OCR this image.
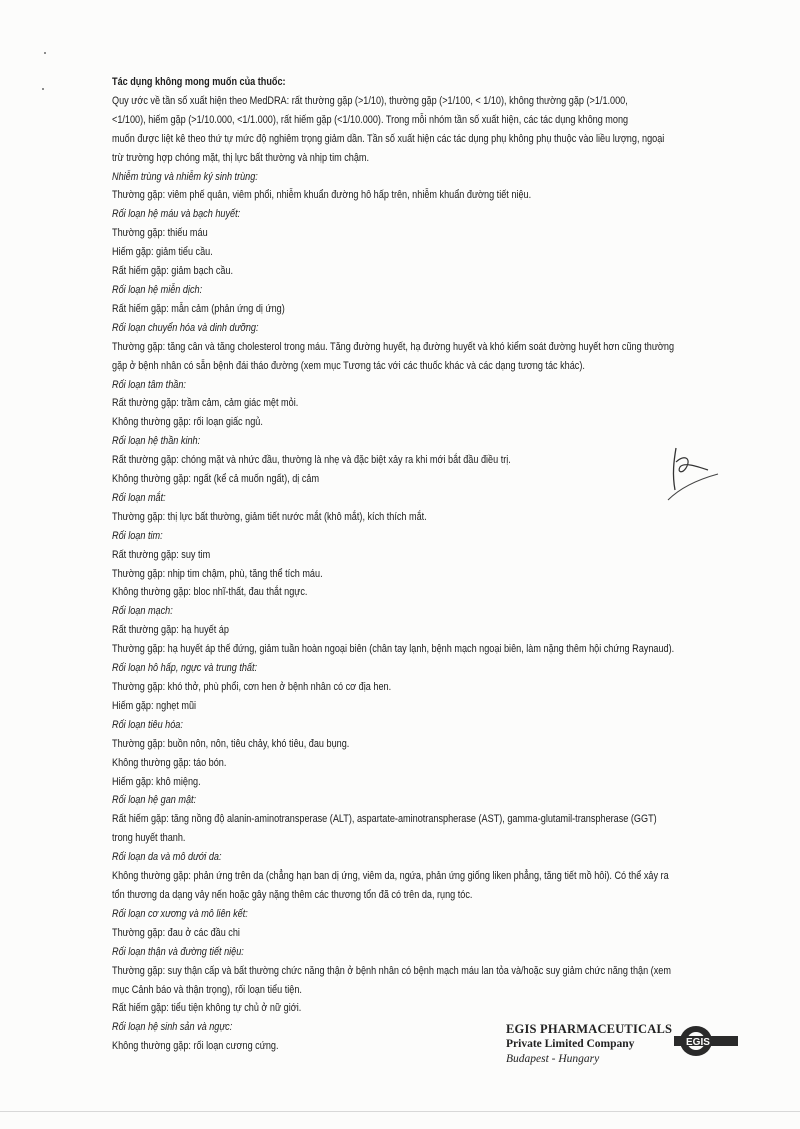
Tác dụng không mong muốn của thuốc:

Quy ước về tần số xuất hiện theo MedDRA: rất thường gặp (>1/10), thường gặp (>1/100, < 1/10), không thường gặp (>1/1.000,

<1/100), hiếm gặp (>1/10.000, <1/1.000), rất hiếm gặp (<1/10.000). Trong mỗi nhóm tần số xuất hiện, các tác dụng không mong

muốn được liệt kê theo thứ tự mức độ nghiêm trọng giảm dần. Tần số xuất hiện các tác dụng phụ không phụ thuộc vào liều lượng, ngoại

trừ trường hợp chóng mặt, thị lực bất thường và nhịp tim chậm.

Nhiễm trùng và nhiễm ký sinh trùng:

Thường gặp: viêm phế quản, viêm phổi, nhiễm khuẩn đường hô hấp trên, nhiễm khuẩn đường tiết niệu.

Rối loạn hệ máu và bạch huyết:

Thường gặp: thiếu máu

Hiếm gặp: giảm tiểu cầu.

Rất hiếm gặp: giảm bạch cầu.

Rối loạn hệ miễn dịch:

Rất hiếm gặp: mẫn cảm (phản ứng dị ứng)

Rối loạn chuyển hóa và dinh dưỡng:

Thường gặp: tăng cân và tăng cholesterol trong máu. Tăng đường huyết, hạ đường huyết và khó kiểm soát đường huyết hơn cũng thường

gặp ở bệnh nhân có sẵn bệnh đái tháo đường (xem mục Tương tác với các thuốc khác và các dạng tương tác khác).

Rối loạn tâm thần:

Rất thường gặp: trầm cảm, cảm giác mệt mỏi.

Không thường gặp: rối loạn giấc ngủ.

Rối loạn hệ thần kinh:

Rất thường gặp: chóng mặt và nhức đầu, thường là nhẹ và đặc biệt xảy ra khi mới bắt đầu điều trị.

Không thường gặp: ngất (kể cả muốn ngất), dị cảm

Rối loạn mắt:

Thường gặp: thị lực bất thường, giảm tiết nước mắt (khô mắt), kích thích mắt.

Rối loạn tim:

Rất thường gặp: suy tim

Thường gặp: nhịp tim chậm, phù, tăng thể tích máu.

Không thường gặp: bloc nhĩ-thất, đau thắt ngực.

Rối loạn mạch:

Rất thường gặp: hạ huyết áp

Thường gặp: hạ huyết áp thế đứng, giảm tuần hoàn ngoại biên (chân tay lạnh, bệnh mạch ngoại biên, làm nặng thêm hội chứng Raynaud).

Rối loạn hô hấp, ngực và trung thất:

Thường gặp: khó thở, phù phổi, cơn hen ở bệnh nhân có cơ địa hen.

Hiếm gặp: nghẹt mũi

Rối loạn tiêu hóa:

Thường gặp: buồn nôn, nôn, tiêu chảy, khó tiêu, đau bụng.

Không thường gặp: táo bón.

Hiếm gặp: khô miệng.

Rối loạn hệ gan mật:

Rất hiếm gặp: tăng nồng độ alanin-aminotransperase (ALT), aspartate-aminotranspherase (AST), gamma-glutamil-transpherase (GGT)

trong huyết thanh.

Rối loạn da và mô dưới da:

Không thường gặp: phản ứng trên da (chẳng hạn ban dị ứng, viêm da, ngứa, phản ứng giống liken phẳng, tăng tiết mồ hôi). Có thể xảy ra

tổn thương da dạng vảy nến hoặc gây nặng thêm các thương tổn đã có trên da, rụng tóc.

Rối loạn cơ xương và mô liên kết:

Thường gặp: đau ở các đầu chi

Rối loạn thận và đường tiết niệu:

Thường gặp: suy thận cấp và bất thường chức năng thận ở bệnh nhân có bệnh mạch máu lan tỏa và/hoặc suy giảm chức năng thận (xem

mục Cảnh báo và thận trọng), rối loạn tiểu tiện.

Rất hiếm gặp: tiểu tiện không tự chủ ở nữ giới.

Rối loạn hệ sinh sản và ngực:

Không thường gặp: rối loạn cương cứng.

EGIS PHARMACEUTICALS
Private Limited Company
Budapest - Hungary
EGIS
